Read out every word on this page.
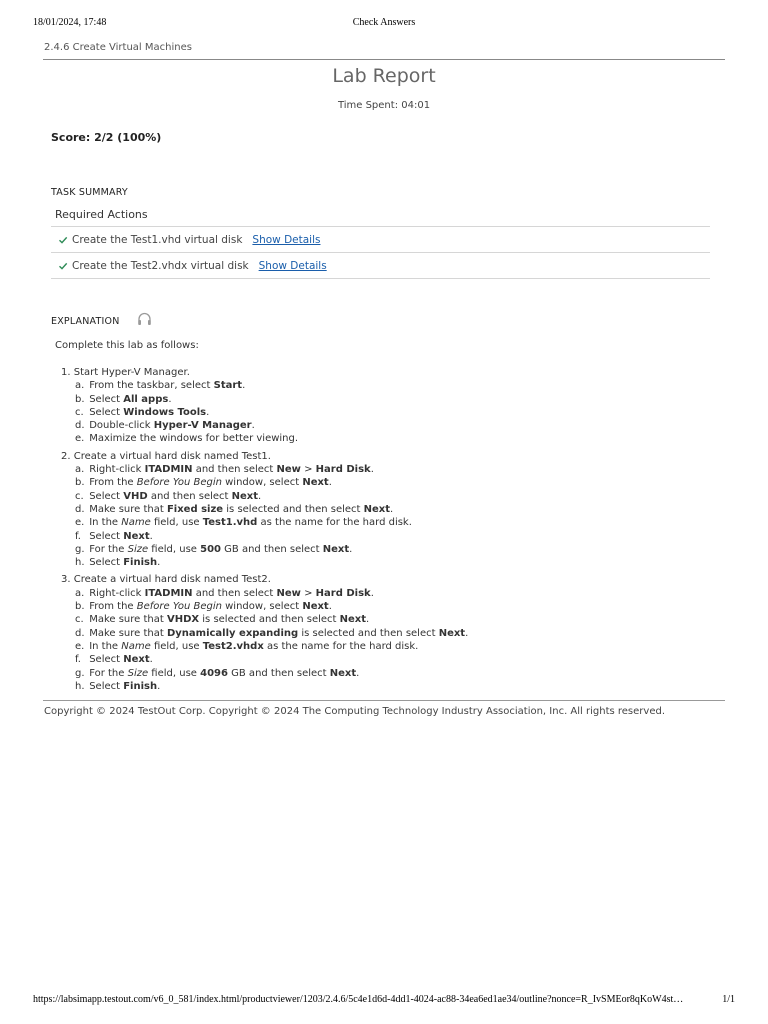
18/01/2024, 17:48	Check Answers
2.4.6 Create Virtual Machines
Lab Report
Time Spent: 04:01
Score: 2/2 (100%)
TASK SUMMARY
Required Actions
Create the Test1.vhd virtual disk Show Details
Create the Test2.vhdx virtual disk Show Details
EXPLANATION
Complete this lab as follows:
1. Start Hyper-V Manager.
a. From the taskbar, select Start.
b. Select All apps.
c. Select Windows Tools.
d. Double-click Hyper-V Manager.
e. Maximize the windows for better viewing.
2. Create a virtual hard disk named Test1.
a. Right-click ITADMIN and then select New > Hard Disk.
b. From the Before You Begin window, select Next.
c. Select VHD and then select Next.
d. Make sure that Fixed size is selected and then select Next.
e. In the Name field, use Test1.vhd as the name for the hard disk.
f. Select Next.
g. For the Size field, use 500 GB and then select Next.
h. Select Finish.
3. Create a virtual hard disk named Test2.
a. Right-click ITADMIN and then select New > Hard Disk.
b. From the Before You Begin window, select Next.
c. Make sure that VHDX is selected and then select Next.
d. Make sure that Dynamically expanding is selected and then select Next.
e. In the Name field, use Test2.vhdx as the name for the hard disk.
f. Select Next.
g. For the Size field, use 4096 GB and then select Next.
h. Select Finish.
Copyright © 2024 TestOut Corp. Copyright © 2024 The Computing Technology Industry Association, Inc. All rights reserved.
https://labsimapp.testout.com/v6_0_581/index.html/productviewer/1203/2.4.6/5c4e1d6d-4dd1-4024-ac88-34ea6ed1ae34/outline?nonce=R_IvSMEor8qKoW4st…	1/1
